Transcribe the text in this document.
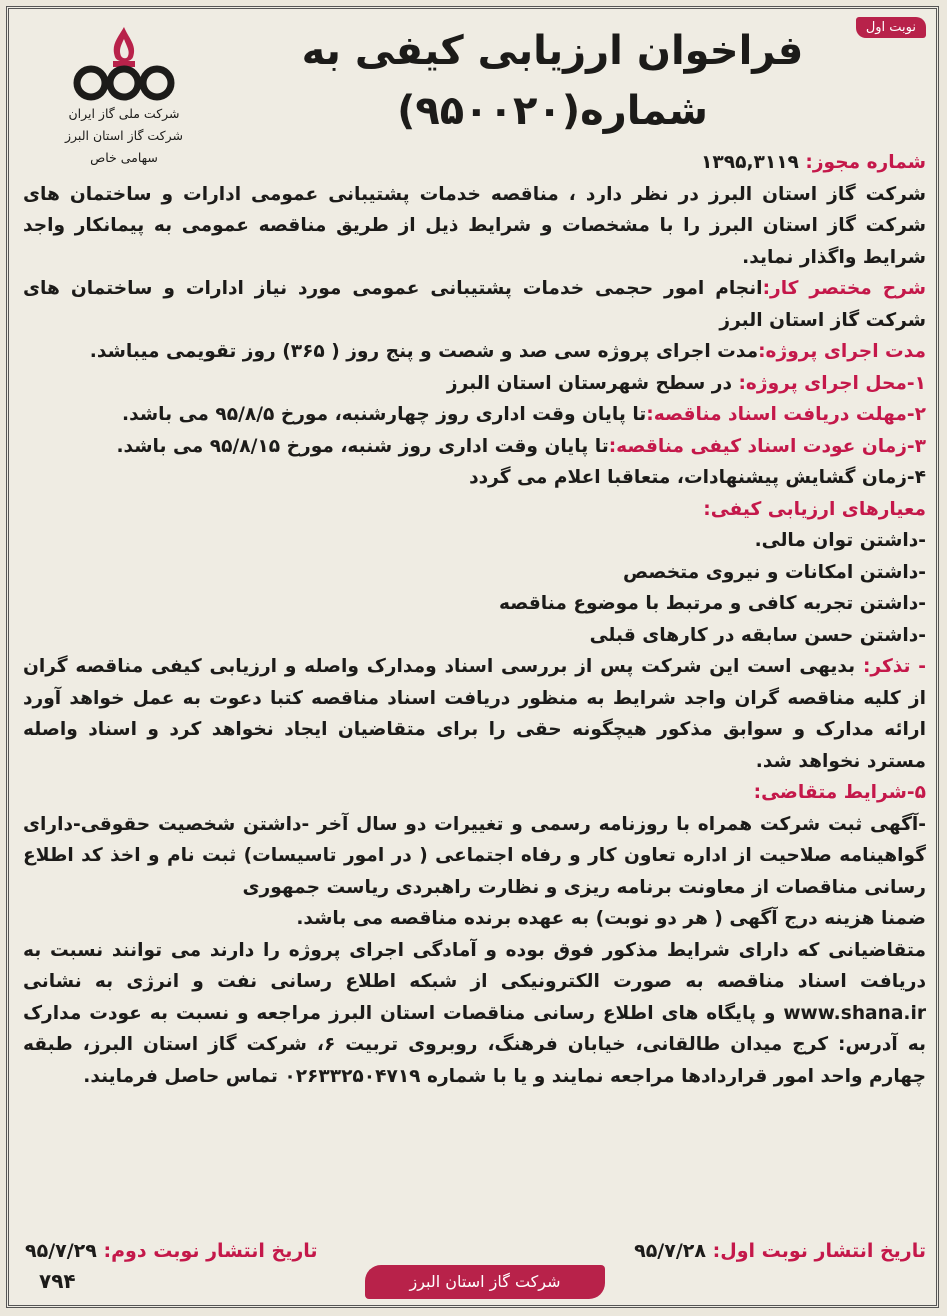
نوبت اول
شرکت ملی گاز ایران
شرکت گاز استان البرز
سهامی خاص
فراخوان ارزیابی کیفی به
شماره(۹۵۰۰۲۰)

شماره مجوز: ۱۳۹۵,۳۱۱۹

شرکت گاز استان البرز در نظر دارد ، مناقصه خدمات پشتیبانی عمومی ادارات و ساختمان های شرکت گاز استان البرز را با مشخصات و شرایط ذیل از طریق مناقصه عمومی به پیمانکار واجد شرایط واگذار نماید.

شرح مختصر کار:انجام امور حجمی خدمات پشتیبانی عمومی مورد نیاز ادارات و ساختمان های شرکت گاز استان البرز

مدت اجرای پروژه:مدت اجرای پروژه سی صد و شصت و پنج روز ( ۳۶۵) روز تقویمی میباشد.

۱-محل اجرای پروژه: در سطح شهرستان استان البرز

۲-مهلت دریافت اسناد مناقصه:تا پایان وقت اداری روز چهارشنبه، مورخ ۹۵/۸/۵ می باشد.

۳-زمان عودت اسناد کیفی مناقصه:تا پایان وقت اداری روز شنبه، مورخ ۹۵/۸/۱۵ می باشد.

۴-زمان گشایش پیشنهادات، متعاقبا اعلام می گردد

معیارهای ارزیابی کیفی:

-داشتن توان مالی.

-داشتن امکانات و نیروی متخصص

-داشتن تجربه کافی و مرتبط با موضوع مناقصه

-داشتن حسن سابقه در کارهای قبلی

- تذکر: بدیهی است این شرکت پس از بررسی اسناد ومدارک واصله و ارزیابی کیفی مناقصه گران از کلیه مناقصه گران واجد شرایط به منظور دریافت اسناد مناقصه کتبا دعوت به عمل خواهد آورد ارائه مدارک و سوابق مذکور هیچگونه حقی را برای متقاضیان ایجاد نخواهد کرد و اسناد واصله مسترد نخواهد شد.

۵-شرایط متقاضی:

-آگهی ثبت شرکت همراه با روزنامه رسمی و تغییرات دو سال آخر -داشتن شخصیت حقوقی-دارای گواهینامه صلاحیت از اداره تعاون کار و رفاه اجتماعی ( در امور تاسیسات) ثبت نام و اخذ کد اطلاع رسانی مناقصات از معاونت برنامه ریزی و نظارت راهبردی ریاست جمهوری

ضمنا هزینه درج آگهی ( هر دو نوبت) به عهده برنده مناقصه می باشد.

متقاضیانی که دارای شرایط مذکور فوق بوده و آمادگی اجرای پروژه را دارند می توانند نسبت به دریافت اسناد مناقصه به صورت الکترونیکی از شبکه اطلاع رسانی نفت و انرژی به نشانی www.shana.ir و پایگاه های اطلاع رسانی مناقصات استان البرز مراجعه و نسبت به عودت مدارک به آدرس: کرج میدان طالقانی، خیابان فرهنگ، روبروی تربیت ۶، شرکت گاز استان البرز، طبقه چهارم واحد امور قراردادها مراجعه نمایند و یا با شماره ۰۲۶۳۳۲۵۰۴۷۱۹ تماس حاصل فرمایند.

تاریخ انتشار نوبت اول: ۹۵/۷/۲۸
تاریخ انتشار نوبت دوم: ۹۵/۷/۲۹
۷۹۴	شرکت گاز استان البرز
